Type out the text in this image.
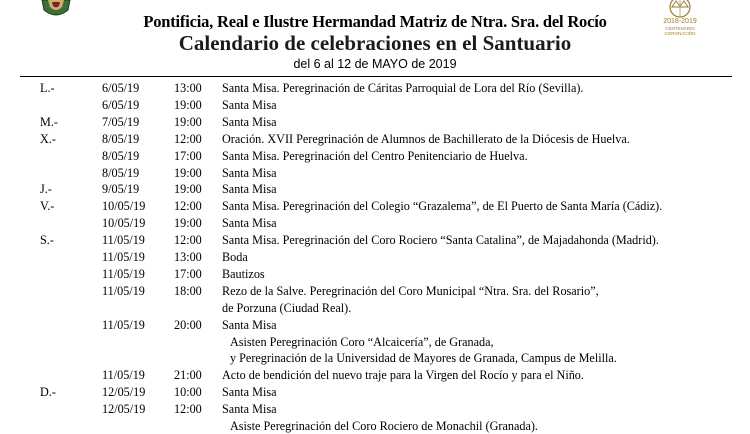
2018-2019
CENTENARIO
CORONACIÓN
Pontificia, Real e Ilustre Hermandad Matriz de Ntra. Sra. del Rocío
Calendario de celebraciones en el Santuario
del 6 al 12 de MAYO de 2019
L.-	6/05/19	13:00 Santa Misa. Peregrinación de Cáritas Parroquial de Lora del Río (Sevilla).
6/05/19	19:00 Santa Misa
M.-	7/05/19	19:00 Santa Misa
X.-	8/05/19	12:00 Oración. XVII Peregrinación de Alumnos de Bachillerato de la Diócesis de Huelva.
8/05/19	17:00 Santa Misa. Peregrinación del Centro Penitenciario de Huelva.
8/05/19	19:00 Santa Misa
J.-	9/05/19	19:00 Santa Misa
V.-	10/05/19 12:00 Santa Misa. Peregrinación del Colegio “Grazalema”, de El Puerto de Santa María (Cádiz).
10/05/19 19:00 Santa Misa
S.-	11/05/19 12:00 Santa Misa. Peregrinación del Coro Rociero “Santa Catalina”, de Majadahonda (Madrid).
11/05/19 13:00 Boda
11/05/19 17:00 Bautizos
11/05/19 18:00 Rezo de la Salve. Peregrinación del Coro Municipal “Ntra. Sra. del Rosario”,
de Porzuna (Ciudad Real).
11/05/19 20:00 Santa Misa
Asisten Peregrinación Coro “Alcaicería”, de Granada,
y Peregrinación de la Universidad de Mayores de Granada, Campus de Melilla.
11/05/19 21:00 Acto de bendición del nuevo traje para la Virgen del Rocío y para el Niño.
D.-	12/05/19 10:00 Santa Misa
12/05/19 12:00 Santa Misa
Asiste Peregrinación del Coro Rociero de Monachil (Granada).
